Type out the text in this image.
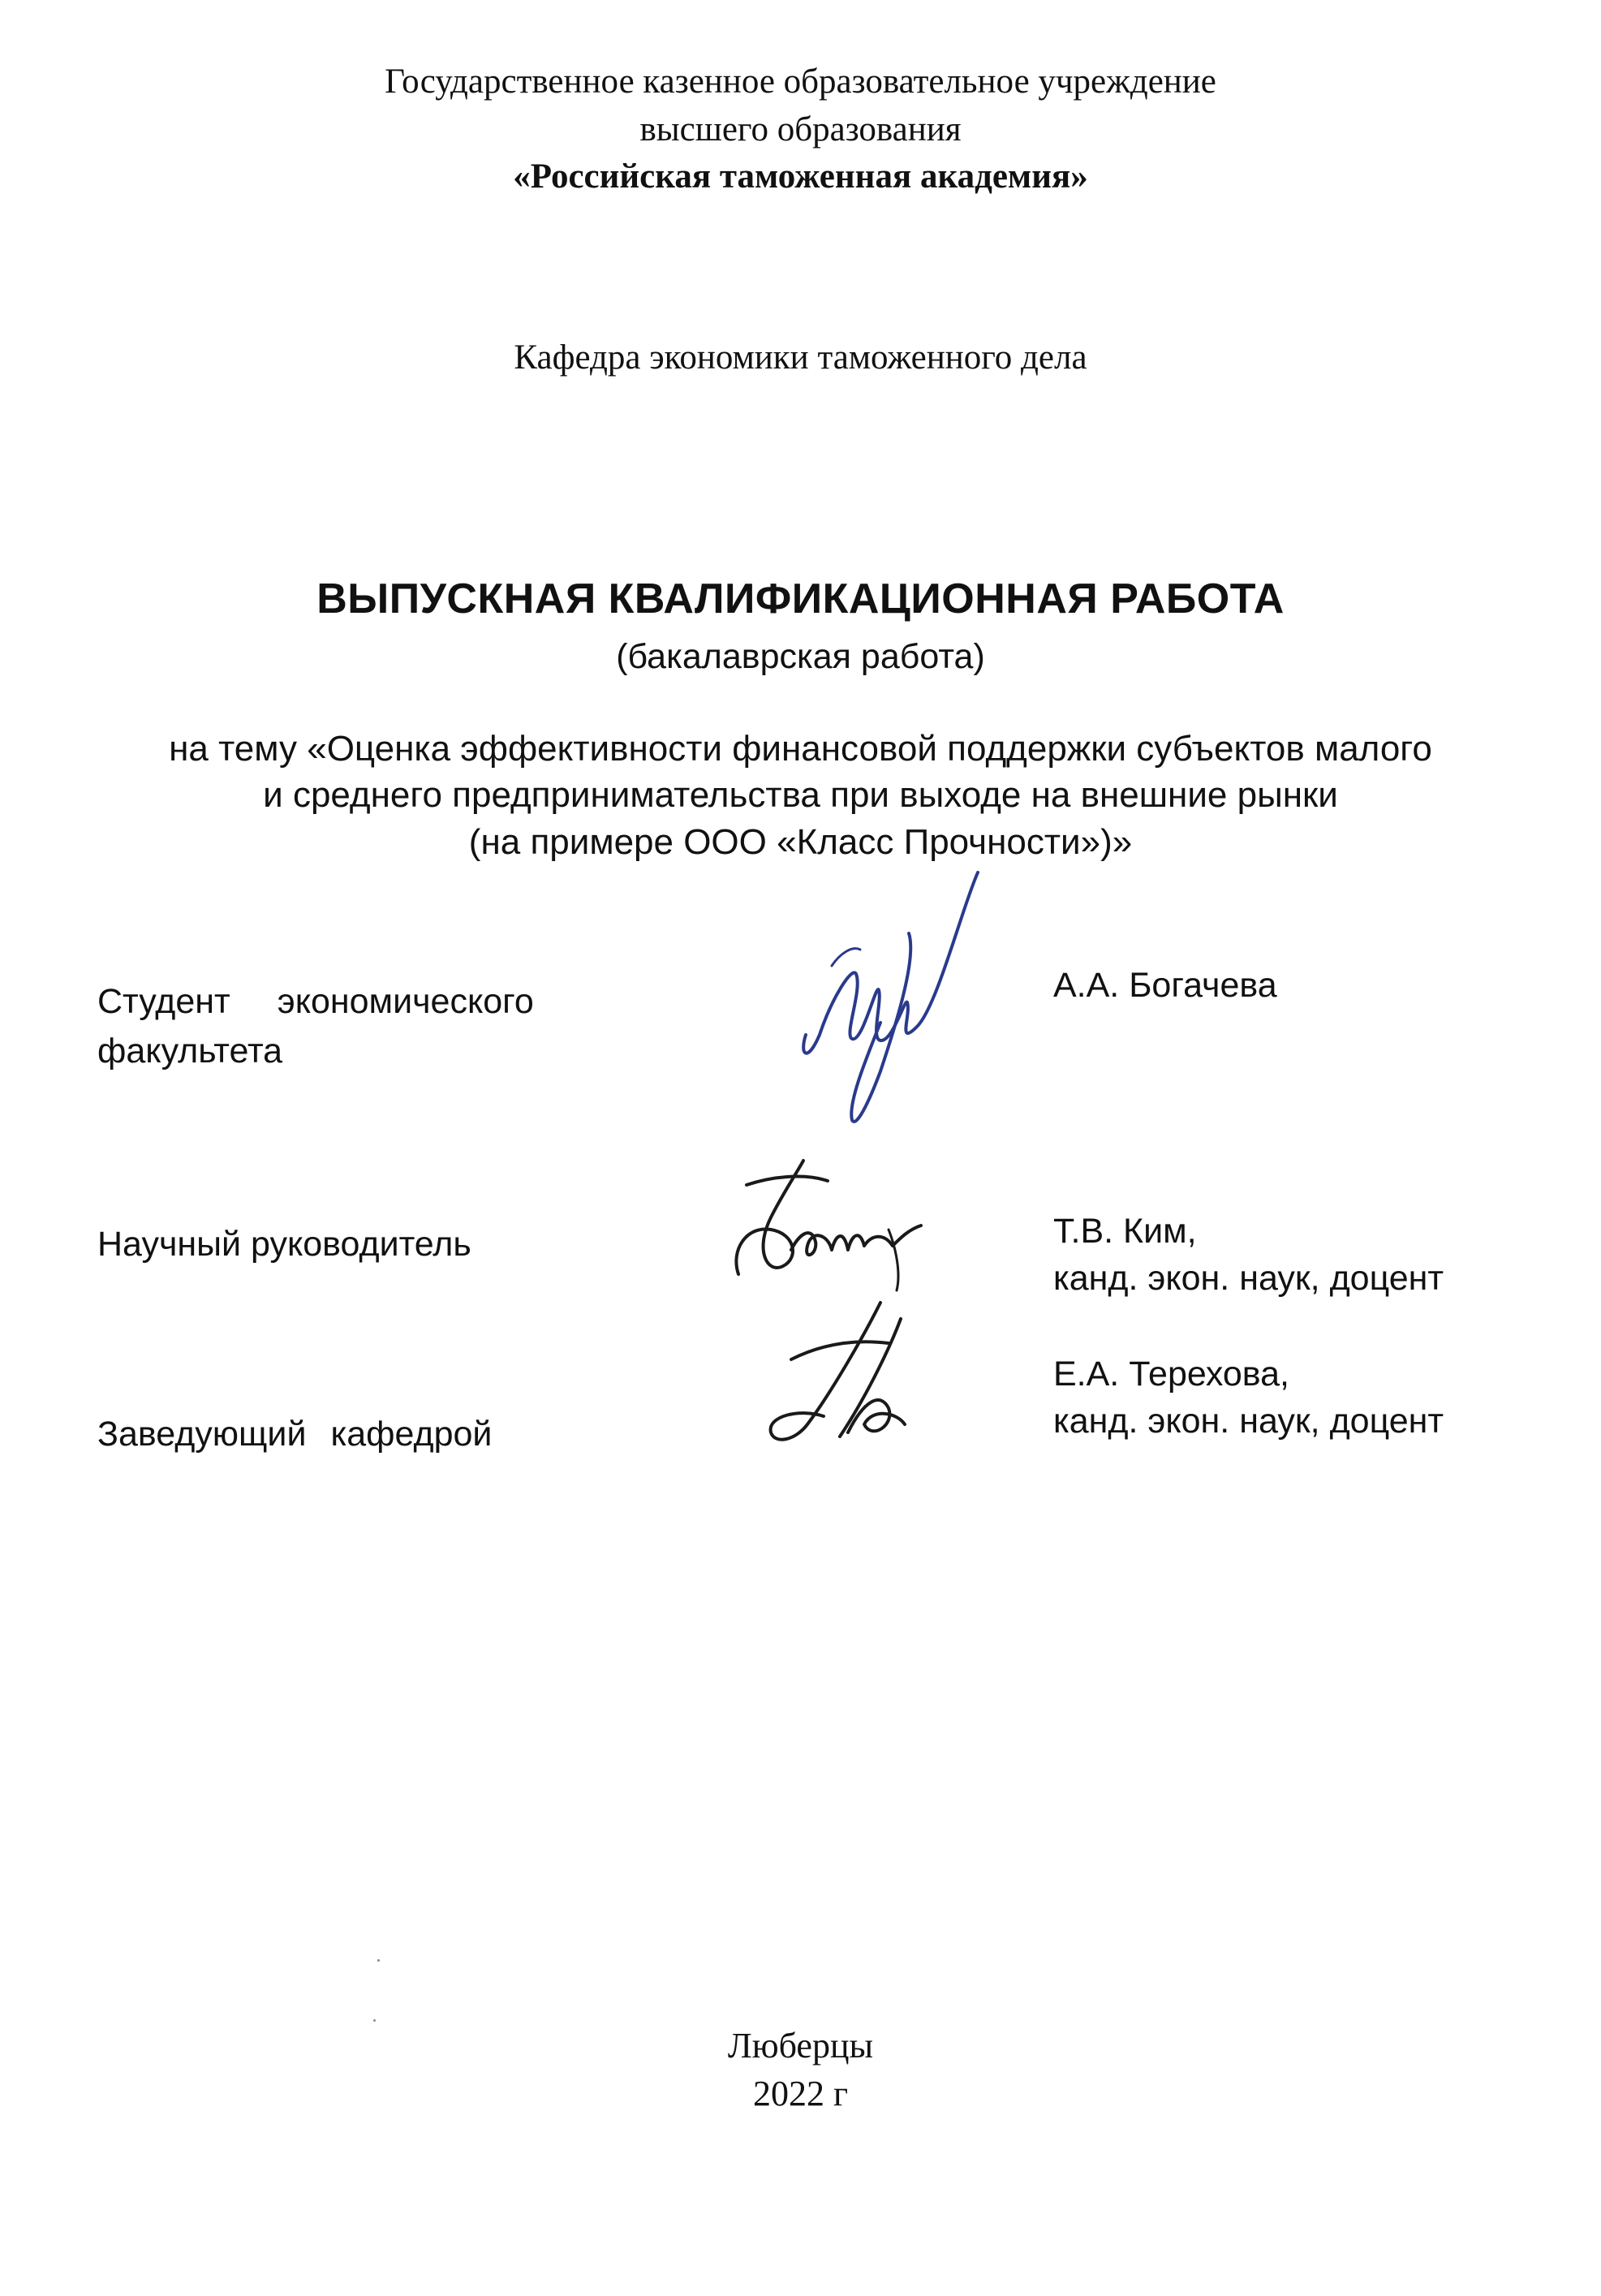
Государственное казенное образовательное учреждение
высшего образования
«Российская таможенная академия»
Кафедра экономики таможенного дела
ВЫПУСКНАЯ КВАЛИФИКАЦИОННАЯ РАБОТА
(бакалаврская работа)
на тему «Оценка эффективности финансовой поддержки субъектов малого
и среднего предпринимательства при выходе на внешние рынки
(на примере ООО «Класс Прочности»)»
Студент экономического
факультета
А.А. Богачева
Научный руководитель	Т.В. Ким,
канд. экон. наук, доцент
Заведующий кафедрой
Е.А. Терехова,
канд. экон. наук, доцент
Люберцы
2022 г
